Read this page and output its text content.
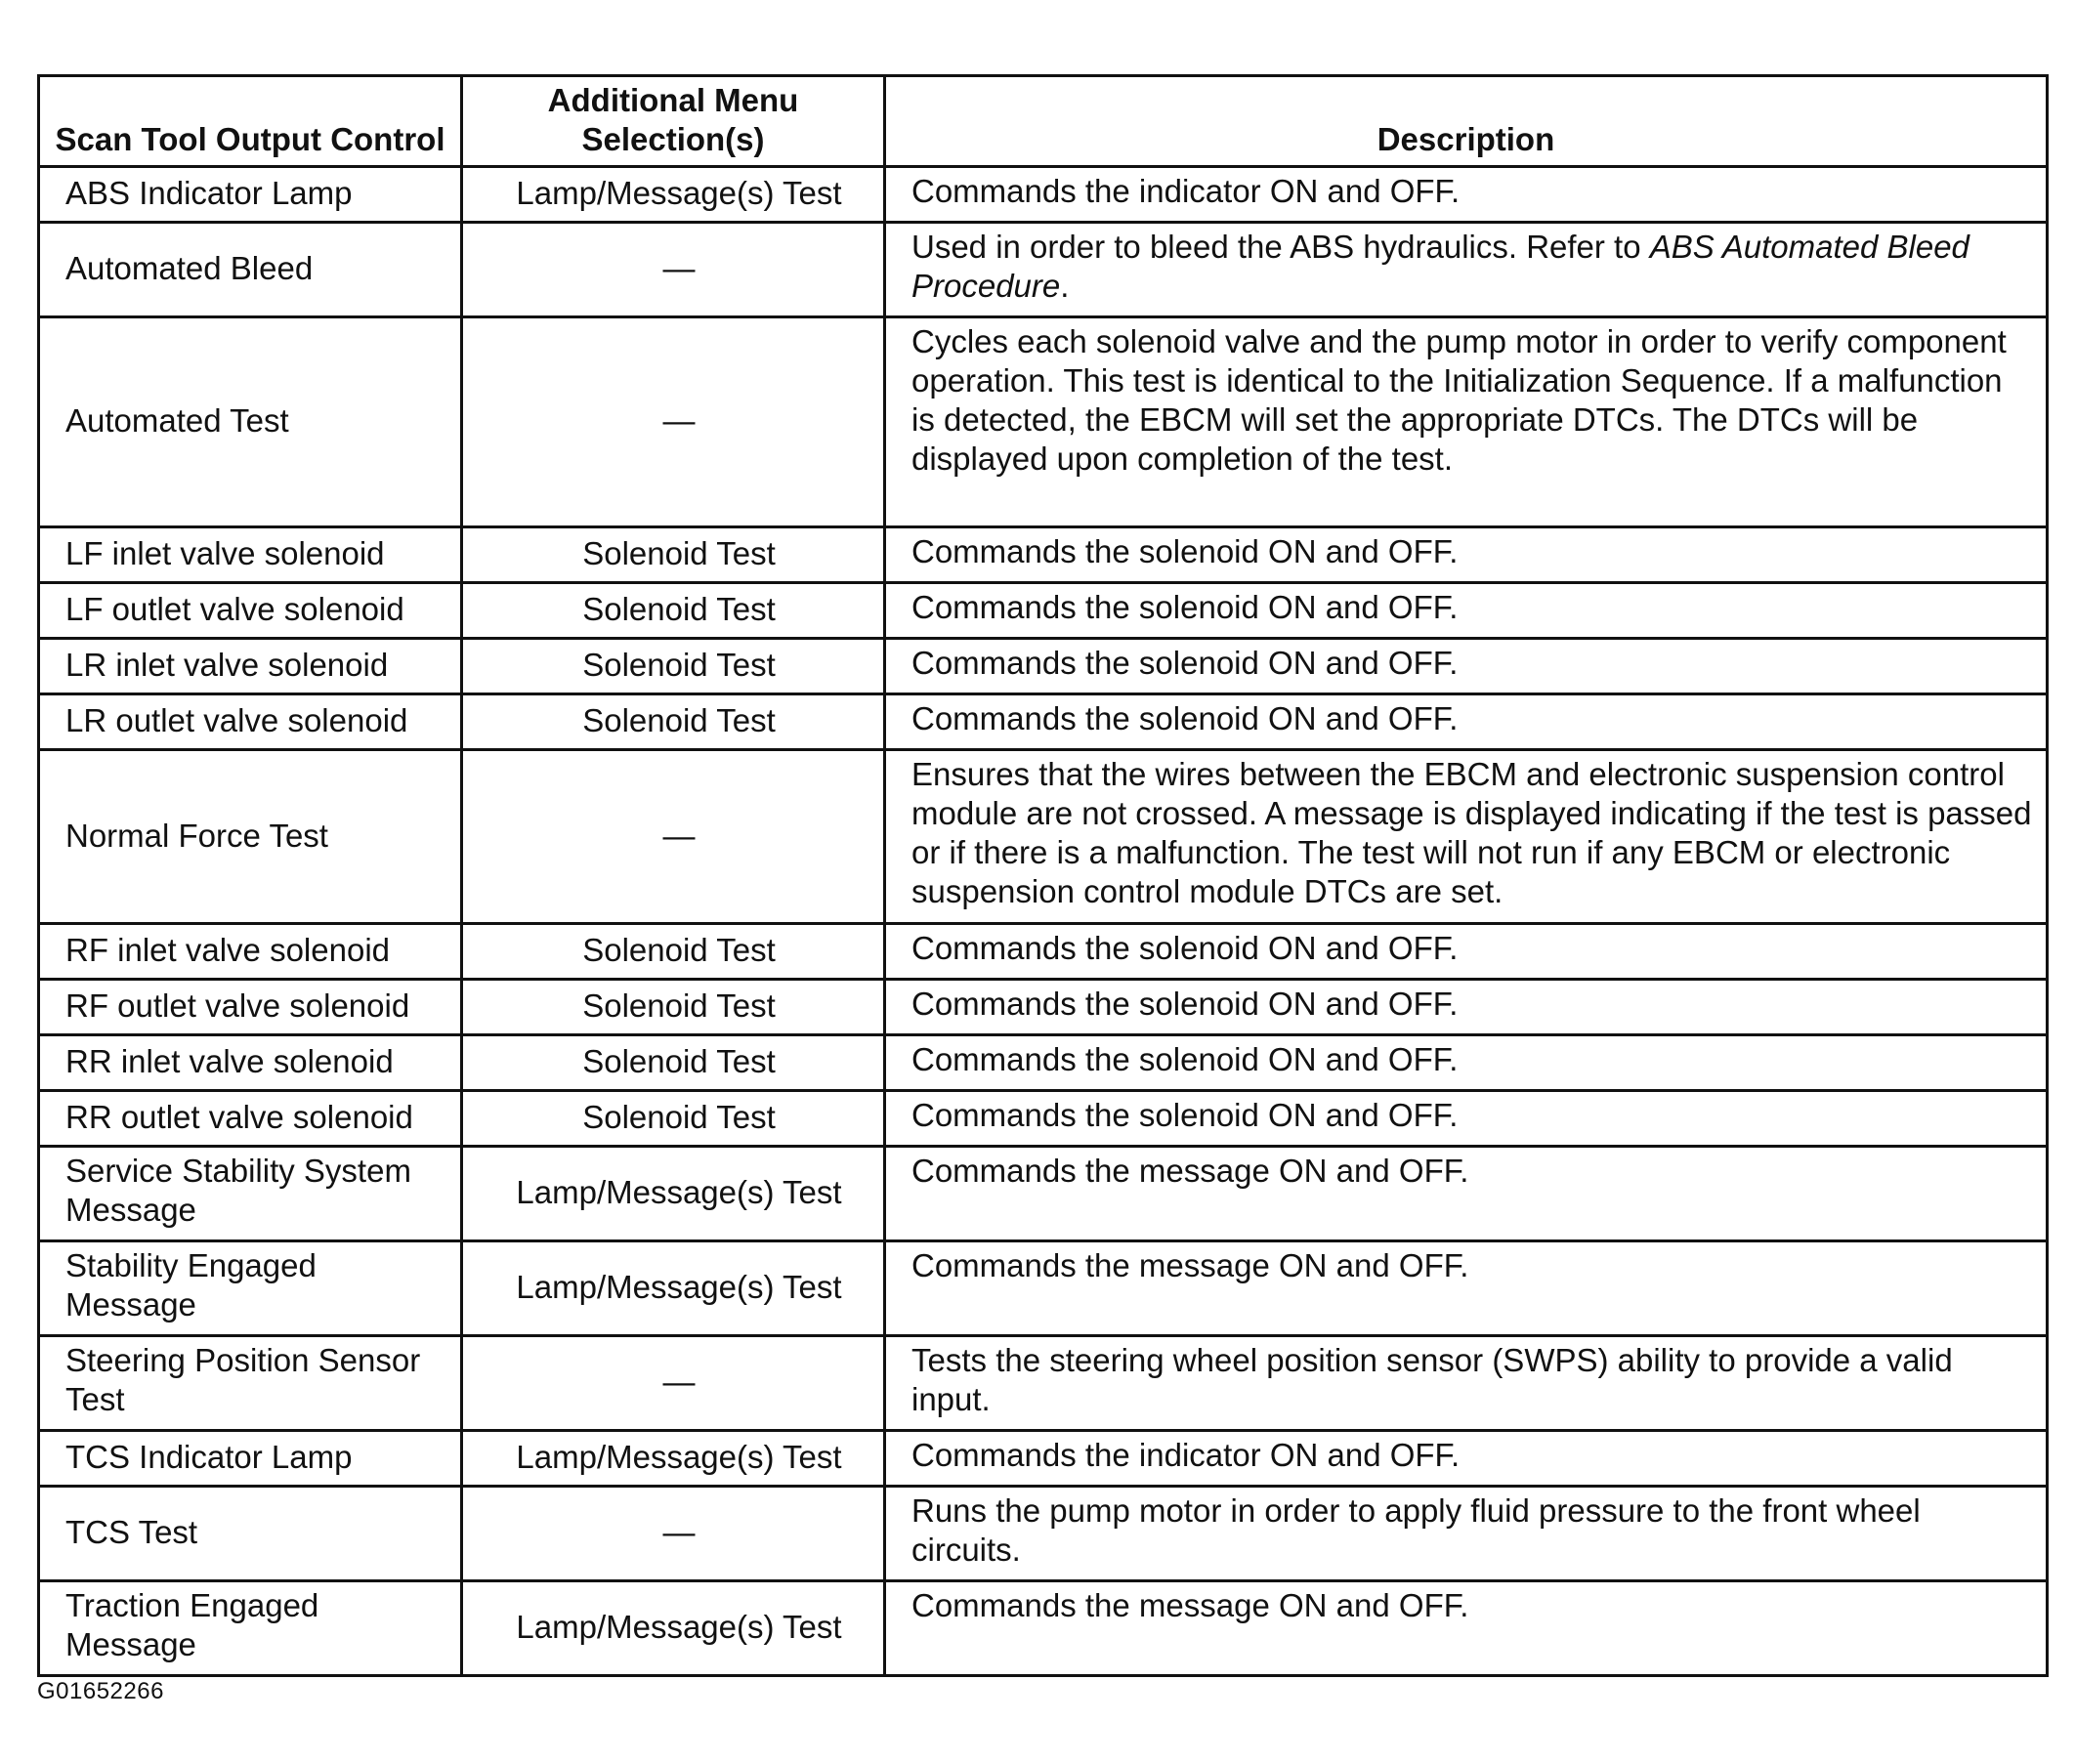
Scan Tool Output Control	Additional Menu Selection(s)	Description
ABS Indicator Lamp	Lamp/Message(s) Test	Commands the indicator ON and OFF.
Automated Bleed	—	Used in order to bleed the ABS hydraulics. Refer to ABS Automated Bleed Procedure.
Automated Test	—	Cycles each solenoid valve and the pump motor in order to verify component operation. This test is identical to the Initialization Sequence. If a malfunction is detected, the EBCM will set the appropriate DTCs. The DTCs will be displayed upon completion of the test.
LF inlet valve solenoid	Solenoid Test	Commands the solenoid ON and OFF.
LF outlet valve solenoid	Solenoid Test	Commands the solenoid ON and OFF.
LR inlet valve solenoid	Solenoid Test	Commands the solenoid ON and OFF.
LR outlet valve solenoid	Solenoid Test	Commands the solenoid ON and OFF.
Normal Force Test	—	Ensures that the wires between the EBCM and electronic suspension control module are not crossed. A message is displayed indicating if the test is passed or if there is a malfunction. The test will not run if any EBCM or electronic suspension control module DTCs are set.
RF inlet valve solenoid	Solenoid Test	Commands the solenoid ON and OFF.
RF outlet valve solenoid	Solenoid Test	Commands the solenoid ON and OFF.
RR inlet valve solenoid	Solenoid Test	Commands the solenoid ON and OFF.
RR outlet valve solenoid	Solenoid Test	Commands the solenoid ON and OFF.
Service Stability System Message	Lamp/Message(s) Test	Commands the message ON and OFF.
Stability Engaged Message	Lamp/Message(s) Test	Commands the message ON and OFF.
Steering Position Sensor Test	—	Tests the steering wheel position sensor (SWPS) ability to provide a valid input.
TCS Indicator Lamp	Lamp/Message(s) Test	Commands the indicator ON and OFF.
TCS Test	—	Runs the pump motor in order to apply fluid pressure to the front wheel circuits.
Traction Engaged Message	Lamp/Message(s) Test	Commands the message ON and OFF.
G01652266
